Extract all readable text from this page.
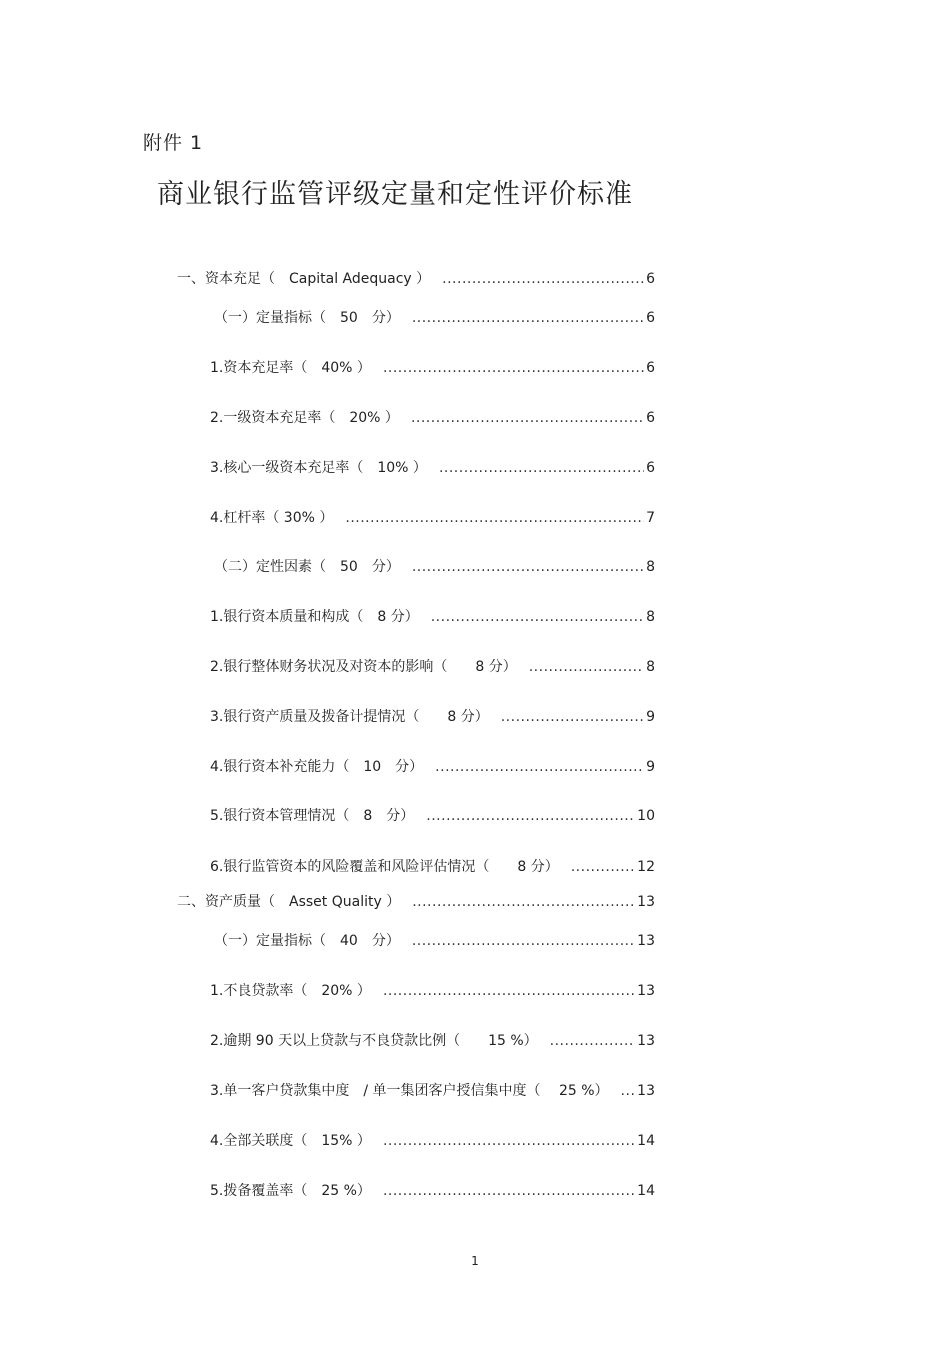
附件 1
商业银行监管评级定量和定性评价标准
一、资本充足（　Capital Adequacy ） .....	6
（一）定量指标（　50　分） .....	6
1.资本充足率（　40% ） .....	6
2.一级资本充足率（　20% ） .....	6
3.核心一级资本充足率（　10% ） .....	6
4.杠杆率（ 30% ） .....	7
（二）定性因素（　50　分） .....	8
1.银行资本质量和构成（　8 分） .....	8
2.银行整体财务状况及对资本的影响（　　8 分） .....	8
3.银行资产质量及拨备计提情况（　　8 分） .....	9
4.银行资本补充能力（　10　分） .....	9
5.银行资本管理情况（　8　分） .....	10
6.银行监管资本的风险覆盖和风险评估情况（　　8 分） .....	12
二、资产质量（　Asset Quality ） .....	13
（一）定量指标（　40　分） .....	13
1.不良贷款率（　20% ） .....	13
2.逾期 90 天以上贷款与不良贷款比例（　　15 %） .....	13
3.单一客户贷款集中度　/ 单一集团客户授信集中度（　 25 %） .....	13
4.全部关联度（　15% ） .....	14
5.拨备覆盖率（　25 %） .....	14
1
